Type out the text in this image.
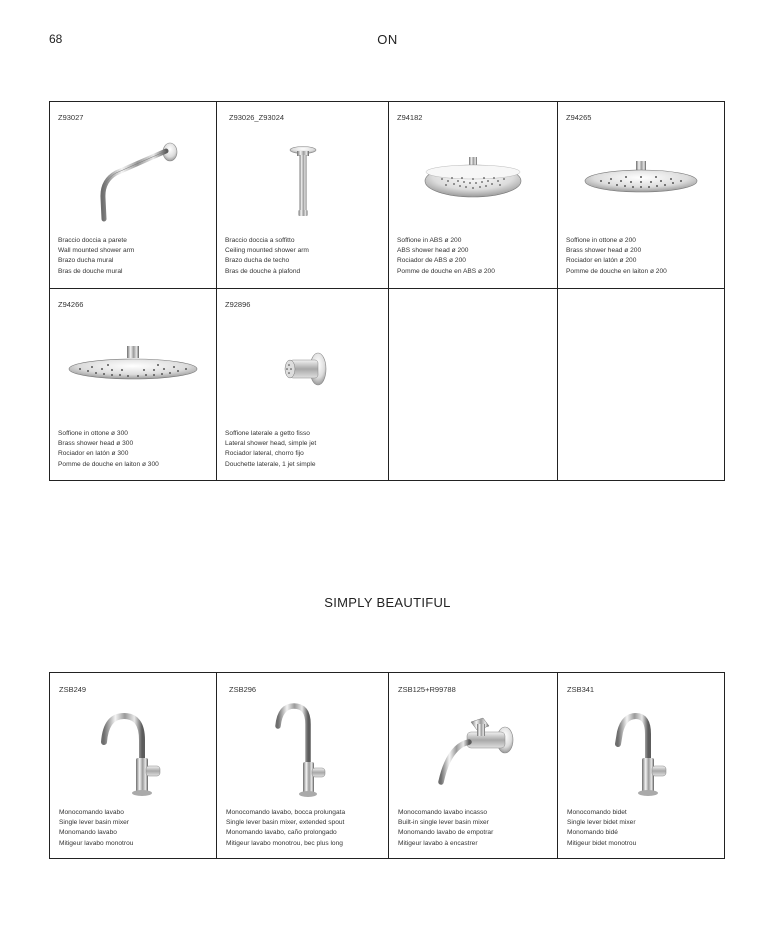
68	ON
Z93027
Braccio doccia a parete
Wall mounted shower arm
Brazo ducha mural
Bras de douche mural
Z93026_Z93024
Braccio doccia a soffitto
Ceiling mounted shower arm
Brazo ducha de techo
Bras de douche à plafond
Z94182
Soffione in ABS ø 200
ABS shower head ø 200
Rociador de ABS ø 200
Pomme de douche en ABS ø 200
Z94265
Soffione in ottone ø 200
Brass shower head ø 200
Rociador en latón ø 200
Pomme de douche en laiton ø 200
Z94266
Soffione in ottone ø 300
Brass shower head ø 300
Rociador en latón ø 300
Pomme de douche en laiton ø 300
Z92896
Soffione laterale a getto fisso
Lateral shower head, simple jet
Rociador lateral, chorro fijo
Douchette laterale, 1 jet simple
SIMPLY BEAUTIFUL
ZSB249
Monocomando lavabo
Single lever basin mixer
Monomando lavabo
Mitigeur lavabo monotrou
ZSB296
Monocomando lavabo, bocca prolungata
Single lever basin mixer, extended spout
Monomando lavabo, caño prolongado
Mitigeur lavabo monotrou, bec plus long
ZSB125+R99788
Monocomando lavabo incasso
Built-in single lever basin mixer
Monomando lavabo de empotrar
Mitigeur lavabo à encastrer
ZSB341
Monocomando bidet
Single lever bidet mixer
Monomando bidé
Mitigeur bidet monotrou
